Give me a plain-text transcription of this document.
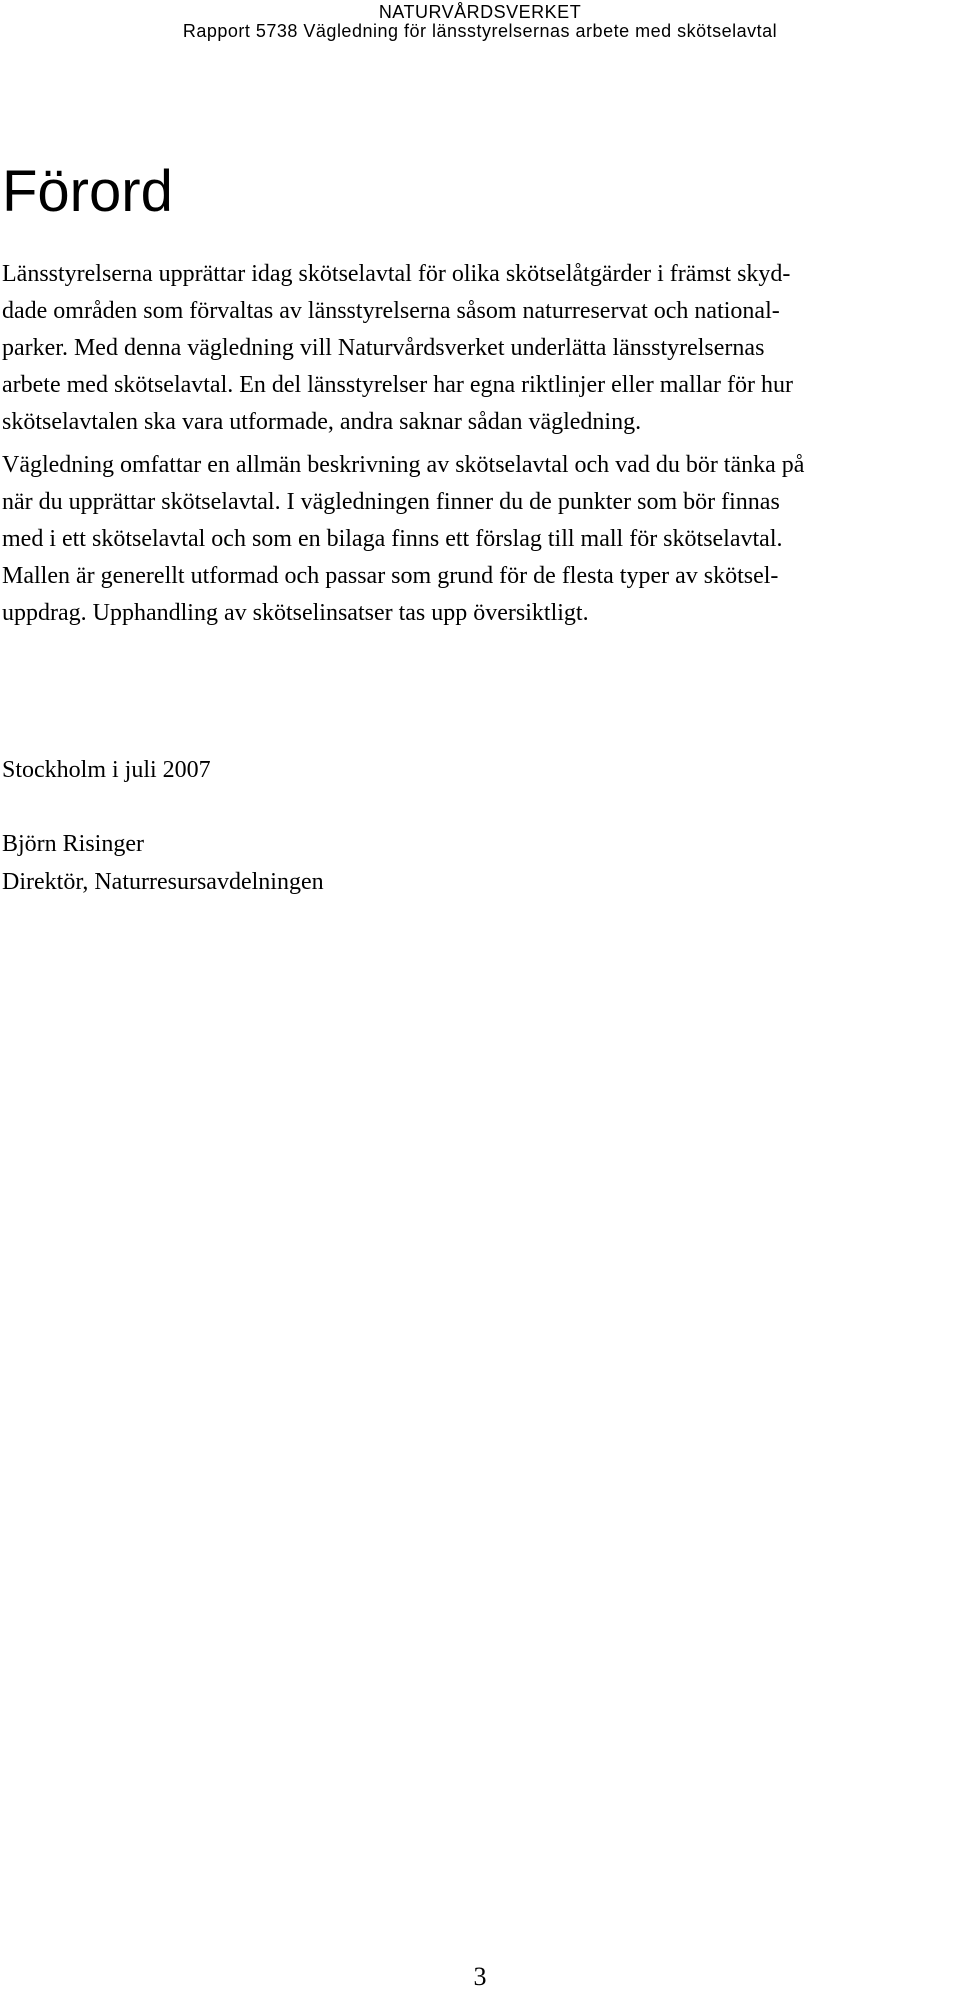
NATURVÅRDSVERKET
Rapport 5738 Vägledning för länsstyrelsernas arbete med skötselavtal
Förord
Länsstyrelserna upprättar idag skötselavtal för olika skötselåtgärder i främst skyd-
dade områden som förvaltas av länsstyrelserna såsom naturreservat och national-
parker. Med denna vägledning vill Naturvårdsverket underlätta länsstyrelsernas
arbete med skötselavtal. En del länsstyrelser har egna riktlinjer eller mallar för hur
skötselavtalen ska vara utformade, andra saknar sådan vägledning.
Vägledning omfattar en allmän beskrivning av skötselavtal och vad du bör tänka på
när du upprättar skötselavtal. I vägledningen finner du de punkter som bör finnas
med i ett skötselavtal och som en bilaga finns ett förslag till mall för skötselavtal.
Mallen är generellt utformad och passar som grund för de flesta typer av skötsel-
uppdrag. Upphandling av skötselinsatser tas upp översiktligt.

Stockholm i juli 2007

Björn Risinger

Direktör, Naturresursavdelningen

3
